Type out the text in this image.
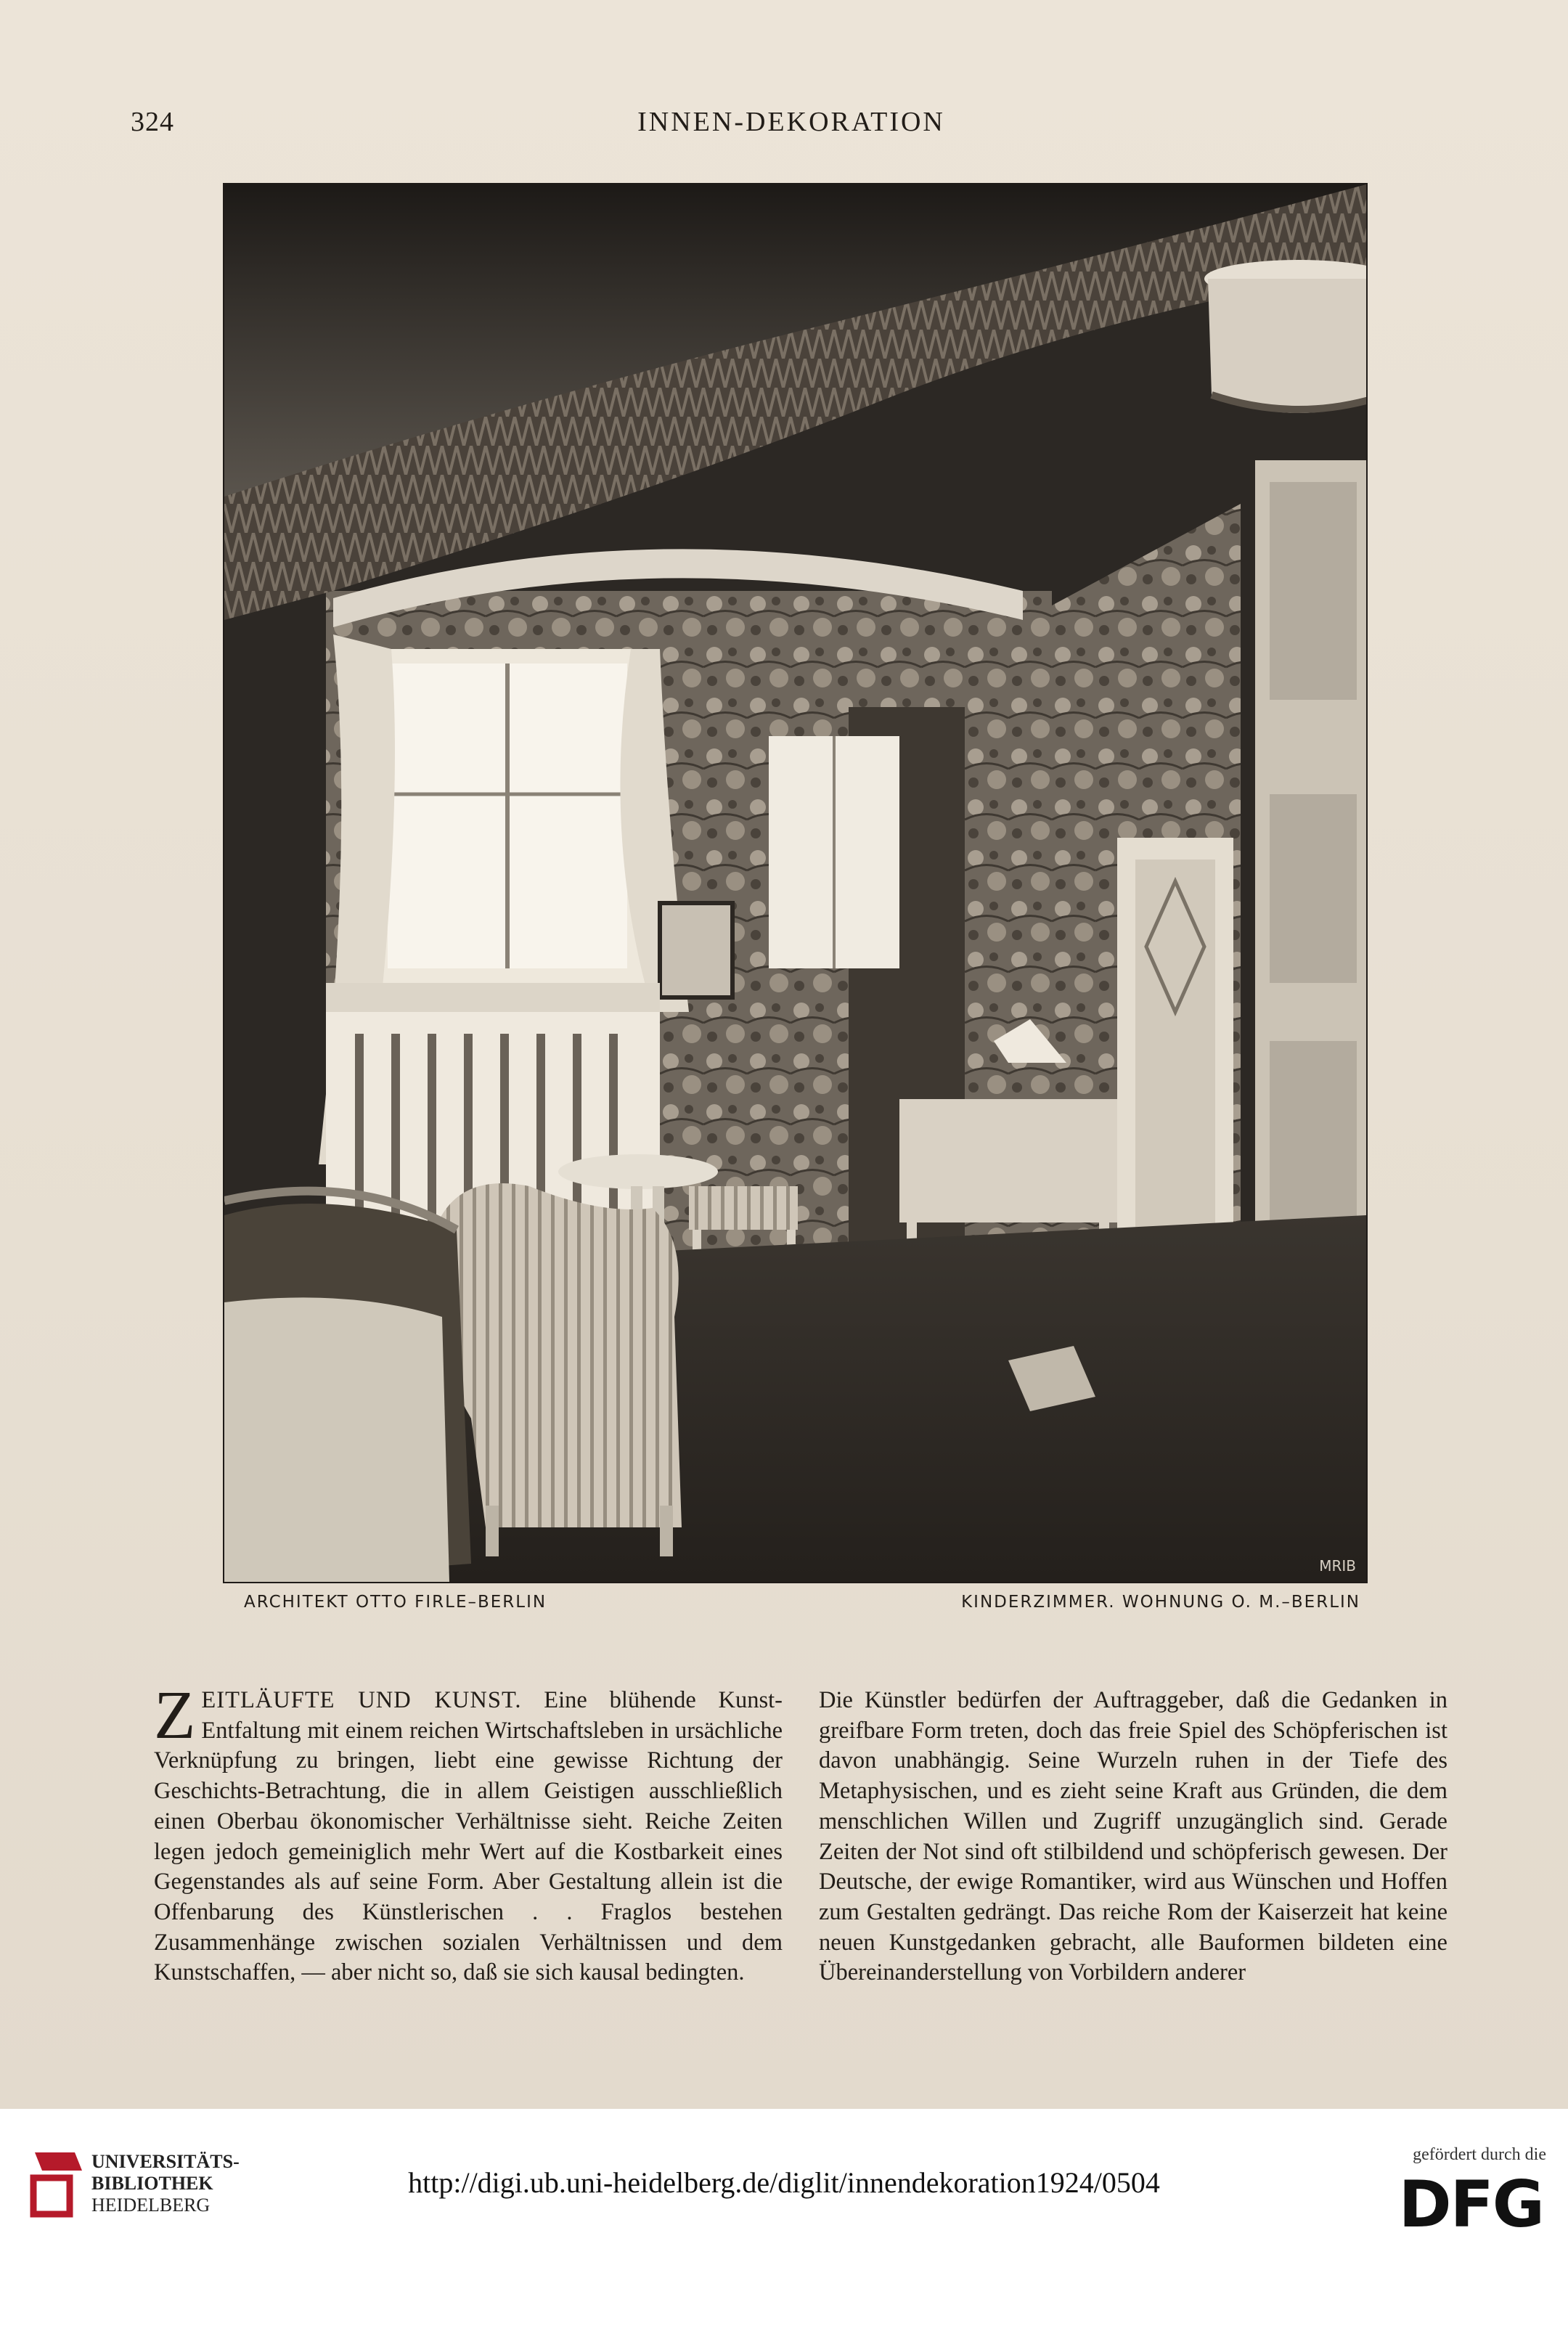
324	INNEN-DEKORATION
MRIB
ARCHITEKT OTTO FIRLE–BERLIN	KINDERZIMMER. WOHNUNG O. M.–BERLIN

ZEITLÄUFTE UND KUNST. Eine blühende Kunst-Entfaltung mit einem reichen Wirtschaftsleben in ursächliche Verknüpfung zu bringen, liebt eine gewisse Richtung der Geschichts-Betrachtung, die in allem Geistigen ausschließlich einen Oberbau ökonomischer Verhältnisse sieht. Reiche Zeiten legen jedoch gemeiniglich mehr Wert auf die Kostbarkeit eines Gegenstandes als auf seine Form. Aber Gestaltung allein ist die Offenbarung des Künstlerischen . . Fraglos bestehen Zusammenhänge zwischen sozialen Verhältnissen und dem Kunstschaffen, — aber nicht so, daß sie sich kausal bedingten.

Die Künstler bedürfen der Auftraggeber, daß die Gedanken in greifbare Form treten, doch das freie Spiel des Schöpferischen ist davon unabhängig. Seine Wurzeln ruhen in der Tiefe des Metaphysischen, und es zieht seine Kraft aus Gründen, die dem menschlichen Willen und Zugriff unzugänglich sind. Gerade Zeiten der Not sind oft stilbildend und schöpferisch gewesen. Der Deutsche, der ewige Romantiker, wird aus Wünschen und Hoffen zum Gestalten gedrängt. Das reiche Rom der Kaiserzeit hat keine neuen Kunstgedanken gebracht, alle Bauformen bildeten eine Übereinanderstellung von Vorbildern anderer

UNIVERSITÄTS-
BIBLIOTHEK
HEIDELBERG
http://digi.ub.uni-heidelberg.de/diglit/innendekoration1924/0504
gefördert durch die
DFG
